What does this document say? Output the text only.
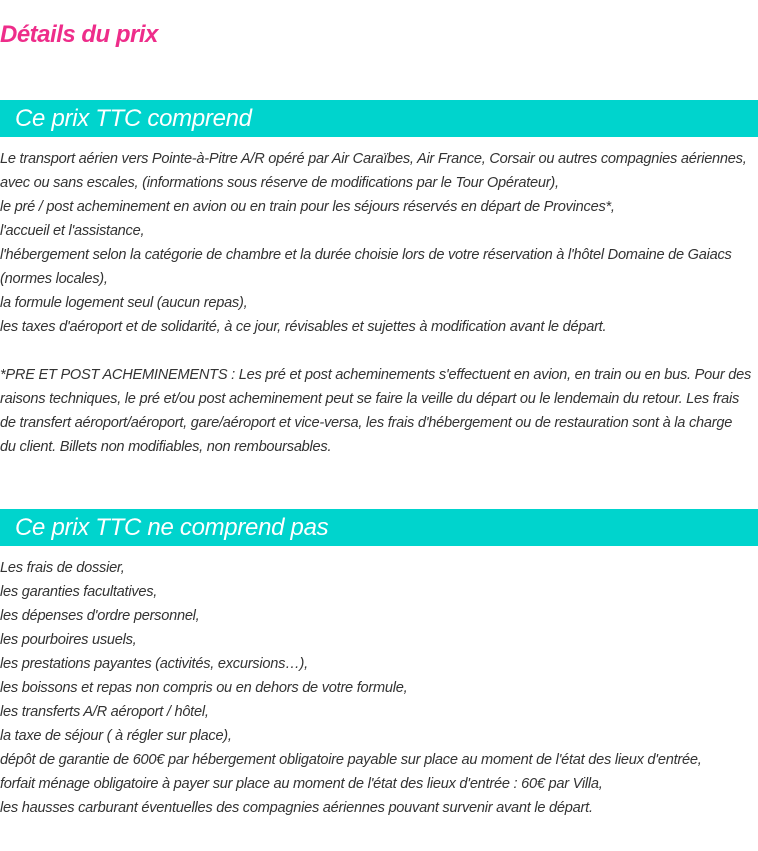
Détails du prix
Ce prix TTC comprend
Le transport aérien vers Pointe-à-Pitre A/R opéré par Air Caraïbes, Air France, Corsair ou autres compagnies aériennes,
avec ou sans escales, (informations sous réserve de modifications par le Tour Opérateur),
le pré / post acheminement en avion ou en train pour les séjours réservés en départ de Provinces*,
l'accueil et l'assistance,
l'hébergement selon la catégorie de chambre et la durée choisie lors de votre réservation à l'hôtel Domaine de Gaiacs
(normes locales),
la formule logement seul (aucun repas),
les taxes d'aéroport et de solidarité, à ce jour, révisables et sujettes à modification avant le départ.
*PRE ET POST ACHEMINEMENTS : Les pré et post acheminements s'effectuent en avion, en train ou en bus. Pour des
raisons techniques, le pré et/ou post acheminement peut se faire la veille du départ ou le lendemain du retour. Les frais
de transfert aéroport/aéroport, gare/aéroport et vice-versa, les frais d'hébergement ou de restauration sont à la charge
du client. Billets non modifiables, non remboursables.
Ce prix TTC ne comprend pas
Les frais de dossier,
les garanties facultatives,
les dépenses d'ordre personnel,
les pourboires usuels,
les prestations payantes (activités, excursions…),
les boissons et repas non compris ou en dehors de votre formule,
les transferts A/R aéroport / hôtel,
la taxe de séjour ( à régler sur place),
dépôt de garantie de 600€ par hébergement obligatoire payable sur place au moment de l'état des lieux d'entrée,
forfait ménage obligatoire à payer sur place au moment de l'état des lieux d'entrée : 60€ par Villa,
les hausses carburant éventuelles des compagnies aériennes pouvant survenir avant le départ.
